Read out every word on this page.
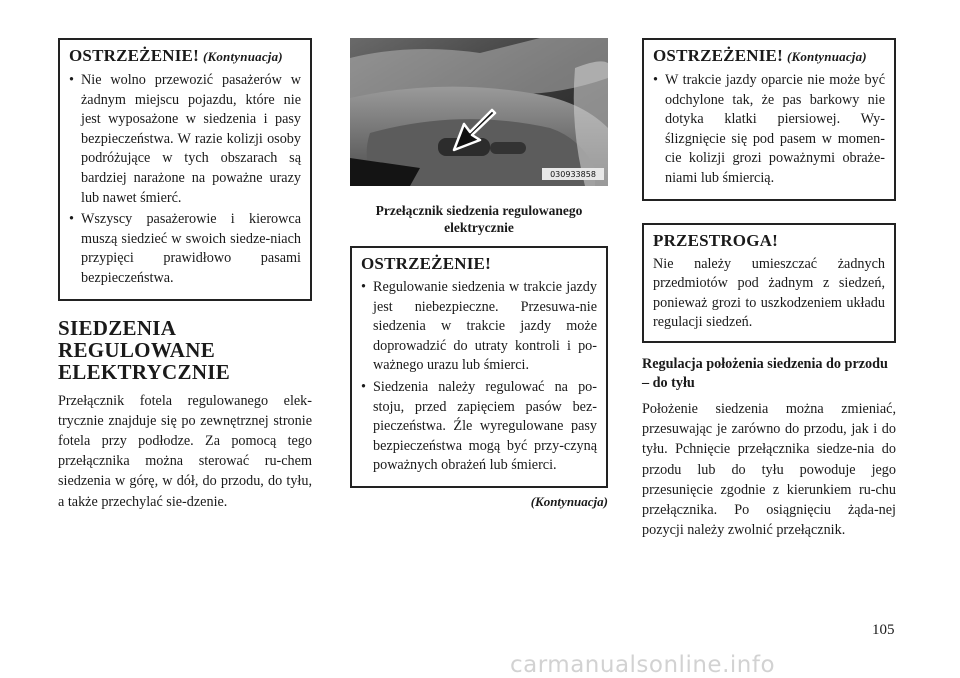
OSTRZEŻENIE! (Kontynuacja)
• Nie wolno przewozić pasażerów w żadnym miejscu pojazdu, które nie jest wyposażone w siedzenia i pasy bezpieczeństwa. W razie kolizji osoby podróżujące w tych obszarach są bardziej narażone na poważne urazy lub nawet śmierć.
• Wszyscy pasażerowie i kierowca muszą siedzieć w swoich siedze-niach przypięci prawidłowo pasami bezpieczeństwa.
SIEDZENIA
REGULOWANE
ELEKTRYCZNIE

Przełącznik fotela regulowanego elek-trycznie znajduje się po zewnętrznej stronie fotela przy podłodze. Za pomocą tego przełącznika można sterować ru-chem siedzenia w górę, w dół, do przodu, do tyłu, a także przechylać sie-dzenie.

030933858
Przełącznik siedzenia regulowanego elektrycznie
OSTRZEŻENIE!
• Regulowanie siedzenia w trakcie jazdy jest niebezpieczne. Przesuwa-nie siedzenia w trakcie jazdy może doprowadzić do utraty kontroli i po-ważnego urazu lub śmierci.
• Siedzenia należy regulować na po-stoju, przed zapięciem pasów bez-pieczeństwa. Źle wyregulowane pasy bezpieczeństwa mogą być przy-czyną poważnych obrażeń lub śmierci.
(Kontynuacja)
OSTRZEŻENIE! (Kontynuacja)
• W trakcie jazdy oparcie nie może być odchylone tak, że pas barkowy nie dotyka klatki piersiowej. Wy-ślizgnięcie się pod pasem w momen-cie kolizji grozi poważnymi obraże-niami lub śmiercią.
PRZESTROGA!

Nie należy umieszczać żadnych przedmiotów pod żadnym z siedzeń, ponieważ grozi to uszkodzeniem układu regulacji siedzeń.

Regulacja położenia siedzenia do przodu – do tyłu

Położenie siedzenia można zmieniać, przesuwając je zarówno do przodu, jak i do tyłu. Pchnięcie przełącznika siedze-nia do przodu lub do tyłu powoduje jego przesunięcie zgodnie z kierunkiem ru-chu przełącznika. Po osiągnięciu żąda-nej pozycji należy zwolnić przełącznik.

105
carmanualsonline.info
